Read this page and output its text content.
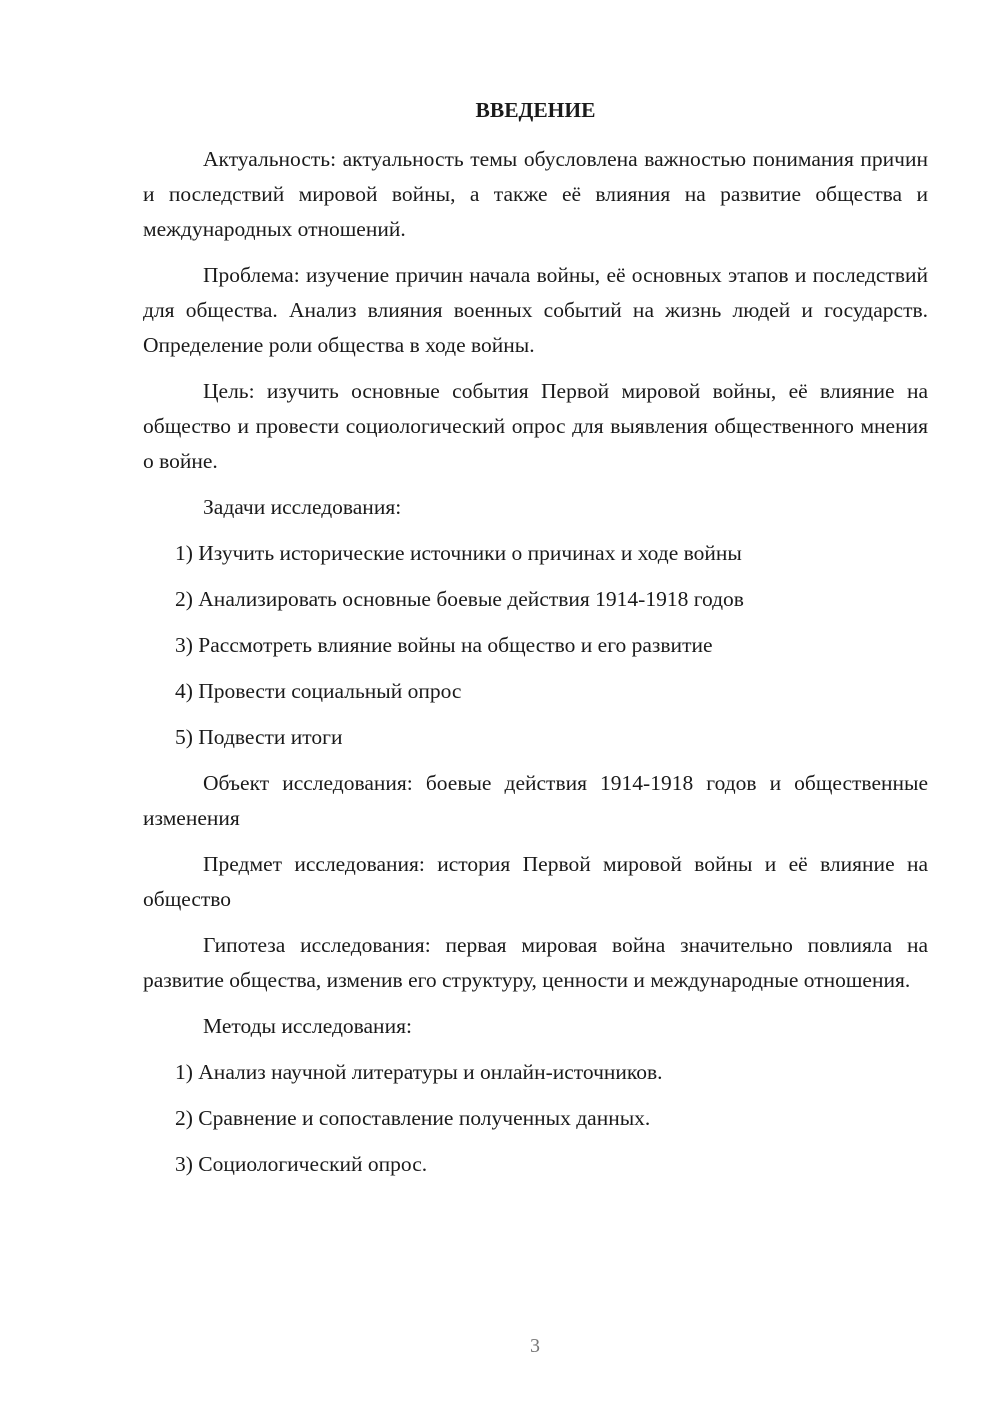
ВВЕДЕНИЕ

Актуальность: актуальность темы обусловлена важностью понимания причин и последствий мировой войны, а также её влияния на развитие общества и международных отношений.

Проблема: изучение причин начала войны, её основных этапов и последствий для общества. Анализ влияния военных событий на жизнь людей и государств. Определение роли общества в ходе войны.

Цель: изучить основные события Первой мировой войны, её влияние на общество и провести социологический опрос для выявления общественного мнения о войне.

Задачи исследования:

1) Изучить исторические источники о причинах и ходе войны
2) Анализировать основные боевые действия 1914-1918 годов
3) Рассмотреть влияние войны на общество и его развитие
4) Провести социальный опрос
5) Подвести итоги

Объект исследования: боевые действия 1914-1918 годов и общественные изменения

Предмет исследования: история Первой мировой войны и её влияние на общество

Гипотеза исследования: первая мировая война значительно повлияла на развитие общества, изменив его структуру, ценности и международные отношения.

Методы исследования:

1) Анализ научной литературы и онлайн-источников.
2) Сравнение и сопоставление полученных данных.
3) Социологический опрос.
3
